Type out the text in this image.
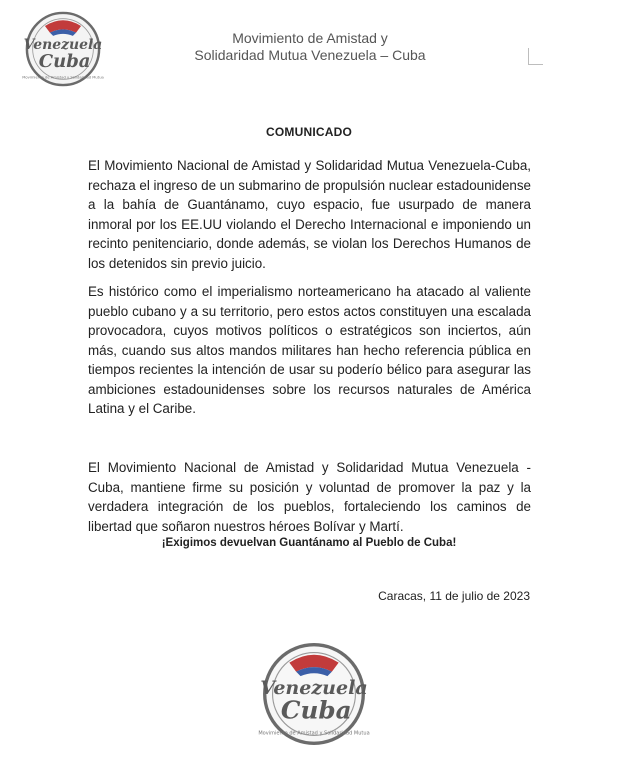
Venezuela
Cuba
Movimiento de Amistad y Solidaridad Mutua
Movimiento de Amistad y
Solidaridad Mutua Venezuela – Cuba
COMUNICADO
El Movimiento Nacional de Amistad y Solidaridad Mutua Venezuela-Cuba, rechaza el ingreso de un submarino de propulsión nuclear estadounidense a la bahía de Guantánamo, cuyo espacio, fue usurpado de manera inmoral por los EE.UU violando el Derecho Internacional e imponiendo un recinto penitenciario, donde además, se violan los Derechos Humanos de los detenidos sin previo juicio.
Es histórico como el imperialismo norteamericano ha atacado al valiente pueblo cubano y a su territorio, pero estos actos constituyen una escalada provocadora, cuyos motivos políticos o estratégicos son inciertos, aún más, cuando sus altos mandos militares han hecho referencia pública en tiempos recientes la intención de usar su poderío bélico para asegurar las ambiciones estadounidenses sobre los recursos naturales de América Latina y el Caribe.
El Movimiento Nacional de Amistad y Solidaridad Mutua Venezuela - Cuba, mantiene firme su posición y voluntad de promover la paz y la verdadera integración de los pueblos, fortaleciendo los caminos de libertad que soñaron nuestros héroes Bolívar y Martí.
¡Exigimos devuelvan Guantánamo al Pueblo de Cuba!
Caracas, 11 de julio de 2023
Venezuela
Cuba
Movimiento de Amistad y Solidaridad Mutua
